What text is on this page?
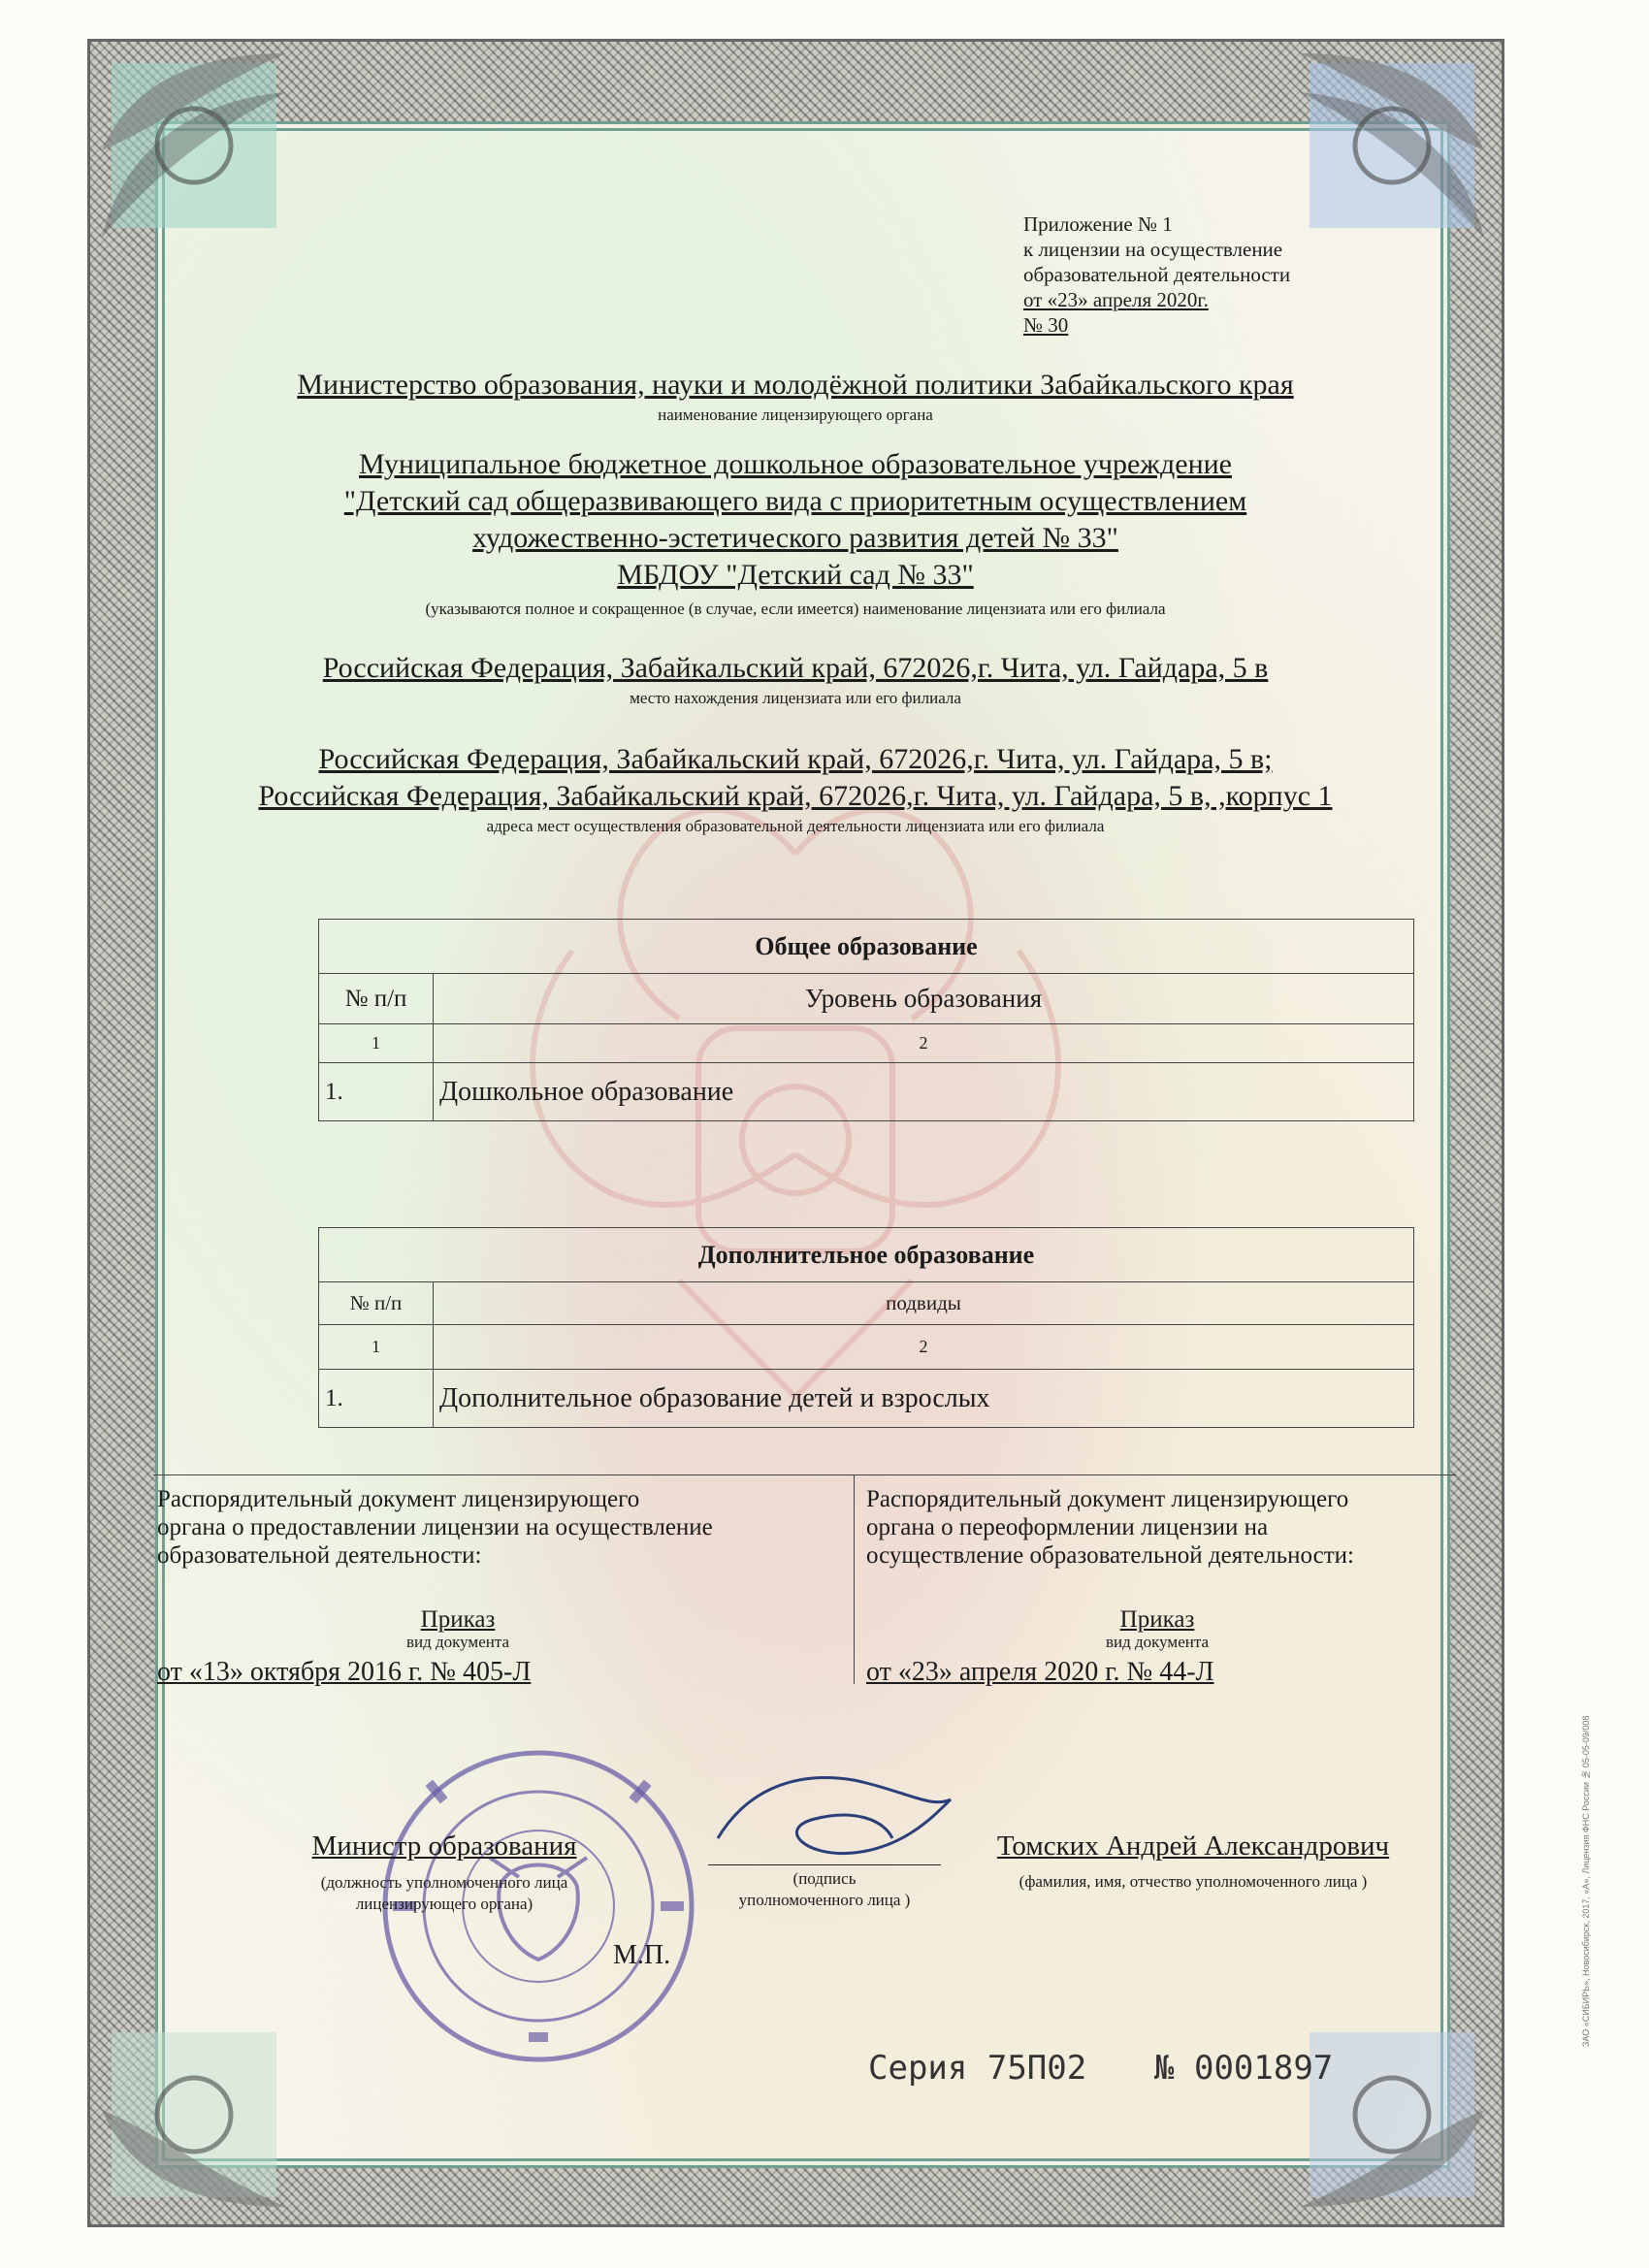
Приложение № 1
к лицензии на осуществление
образовательной деятельности
от «23» апреля 2020г.
№ 30
Министерство образования, науки и молодёжной политики Забайкальского края
наименование лицензирующего органа
Муниципальное бюджетное дошкольное образовательное учреждение
"Детский сад общеразвивающего вида с приоритетным осуществлением
художественно-эстетического развития детей № 33"
МБДОУ "Детский сад № 33"
(указываются полное и сокращенное (в случае, если имеется) наименование лицензиата или его филиала
Российская Федерация, Забайкальский край, 672026,г. Чита, ул. Гайдара, 5 в
место нахождения лицензиата или его филиала
Российская Федерация, Забайкальский край, 672026,г. Чита, ул. Гайдара, 5 в;
Российская Федерация, Забайкальский край, 672026,г. Чита, ул. Гайдара, 5 в, ,корпус 1
адреса мест осуществления образовательной деятельности лицензиата или его филиала
Общее образование	
№ п/п	Уровень образования
1	2
1.	Дошкольное образование
Дополнительное образование	
№ п/п	подвиды
1	2
1.	Дополнительное образование детей и взрослых
Распорядительный документ лицензирующего
органа о предоставлении лицензии на осуществление
образовательной деятельности:
Приказ
вид документа
от «13» октября 2016 г. № 405-Л
Распорядительный документ лицензирующего
органа о переоформлении лицензии на
осуществление образовательной деятельности:
Приказ
вид документа
от «23» апреля 2020 г. № 44-Л
Министр образования
(должность уполномоченного лица
лицензирующего органа)
(подпись
уполномоченного лица )
Томских Андрей Александрович
(фамилия, имя, отчество уполномоченного лица )
М.П.
Серия 75П02 № 0001897
ЗАО «СИБИРЬ», Новосибирск, 2017, «А», Лицензия ФНС России № 05-05-09/008
